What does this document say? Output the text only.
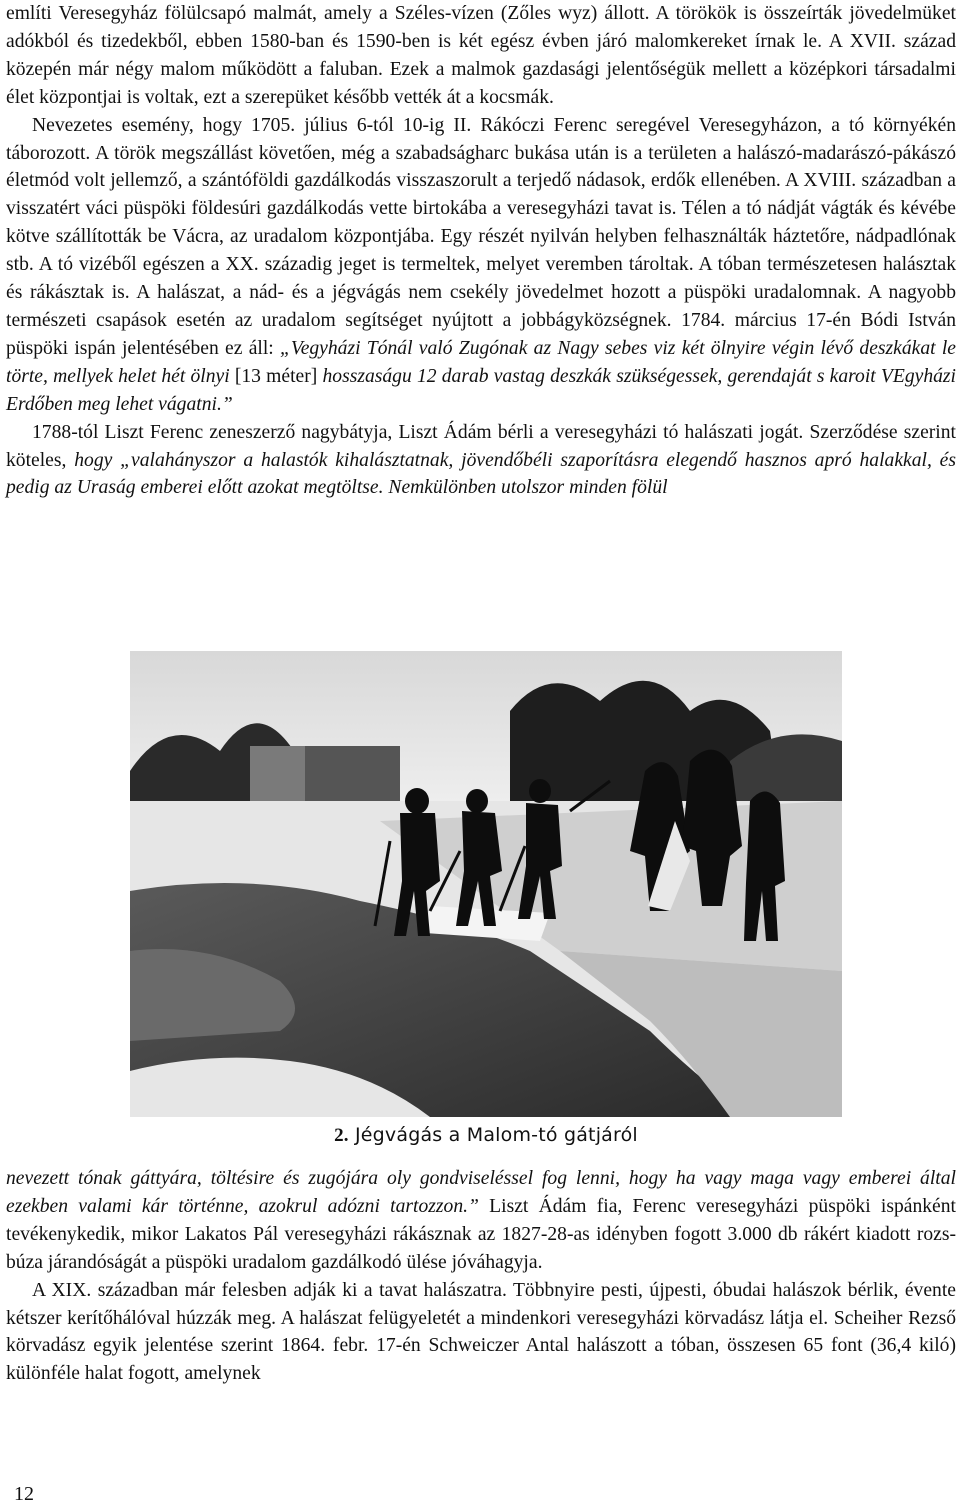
említi Veresegyház fölülcsapó malmát, amely a Széles-vízen (Zőles wyz) állott. A törökök is összeírták jövedelmüket adókból és tizedekből, ebben 1580-ban és 1590-ben is két egész évben járó malomkereket írnak le. A XVII. század közepén már négy malom működött a faluban. Ezek a malmok gazdasági jelentőségük mellett a középkori társadalmi élet központjai is voltak, ezt a szerepüket később vették át a kocsmák.

Nevezetes esemény, hogy 1705. július 6-tól 10-ig II. Rákóczi Ferenc seregével Veresegyházon, a tó környékén táborozott. A török megszállást követően, még a szabadságharc bukása után is a területen a halászó-madarászó-pákászó életmód volt jellemző, a szántóföldi gazdálkodás visszaszorult a terjedő nádasok, erdők ellenében. A XVIII. században a visszatért váci püspöki földesúri gazdálkodás vette birtokába a veresegyházi tavat is. Télen a tó nádját vágták és kévébe kötve szállították be Vácra, az uradalom központjába. Egy részét nyilván helyben felhasználták háztetőre, nádpadlónak stb. A tó vizéből egészen a XX. századig jeget is termeltek, melyet veremben tároltak. A tóban természetesen halásztak és rákásztak is. A halászat, a nád- és a jégvágás nem csekély jövedelmet hozott a püspöki uradalomnak. A nagyobb természeti csapások esetén az uradalom segítséget nyújtott a jobbágyközségnek. 1784. március 17-én Bódi István püspöki ispán jelentésében ez áll: „Vegyházi Tónál való Zugónak az Nagy sebes viz két ölnyire végin lévő deszkákat le törte, mellyek helet hét ölnyi [13 méter] hosszaságu 12 darab vastag deszkák szükségessek, gerendaját s karoit VEgyházi Erdőben meg lehet vágatni.”

1788-tól Liszt Ferenc zeneszerző nagybátyja, Liszt Ádám bérli a veresegyházi tó halászati jogát. Szerződése szerint köteles, hogy „valahányszor a halastók kihalásztatnak, jövendőbéli szaporításra elegendő hasznos apró halakkal, és pedig az Uraság emberei előtt azokat megtöltse. Nemkülönben utolszor minden fölül

2. Jégvágás a Malom-tó gátjáról

nevezett tónak gáttyára, töltésire és zugójára oly gondviseléssel fog lenni, hogy ha vagy maga vagy emberei által ezekben valami kár történne, azokrul adózni tartozzon.” Liszt Ádám fia, Ferenc veresegyházi püspöki ispánként tevékenykedik, mikor Lakatos Pál veresegyházi rákásznak az 1827-28-as idényben fogott 3.000 db rákért kiadott rozs-búza járandóságát a püspöki uradalom gazdálkodó ülése jóváhagyja.

A XIX. században már felesben adják ki a tavat halászatra. Többnyire pesti, újpesti, óbudai halászok bérlik, évente kétszer kerítőhálóval húzzák meg. A halászat felügyeletét a mindenkori veresegyházi körvadász látja el. Scheiher Rezső körvadász egyik jelentése szerint 1864. febr. 17-én Schweiczer Antal halászott a tóban, összesen 65 font (36,4 kiló) különféle halat fogott, amelynek

12
